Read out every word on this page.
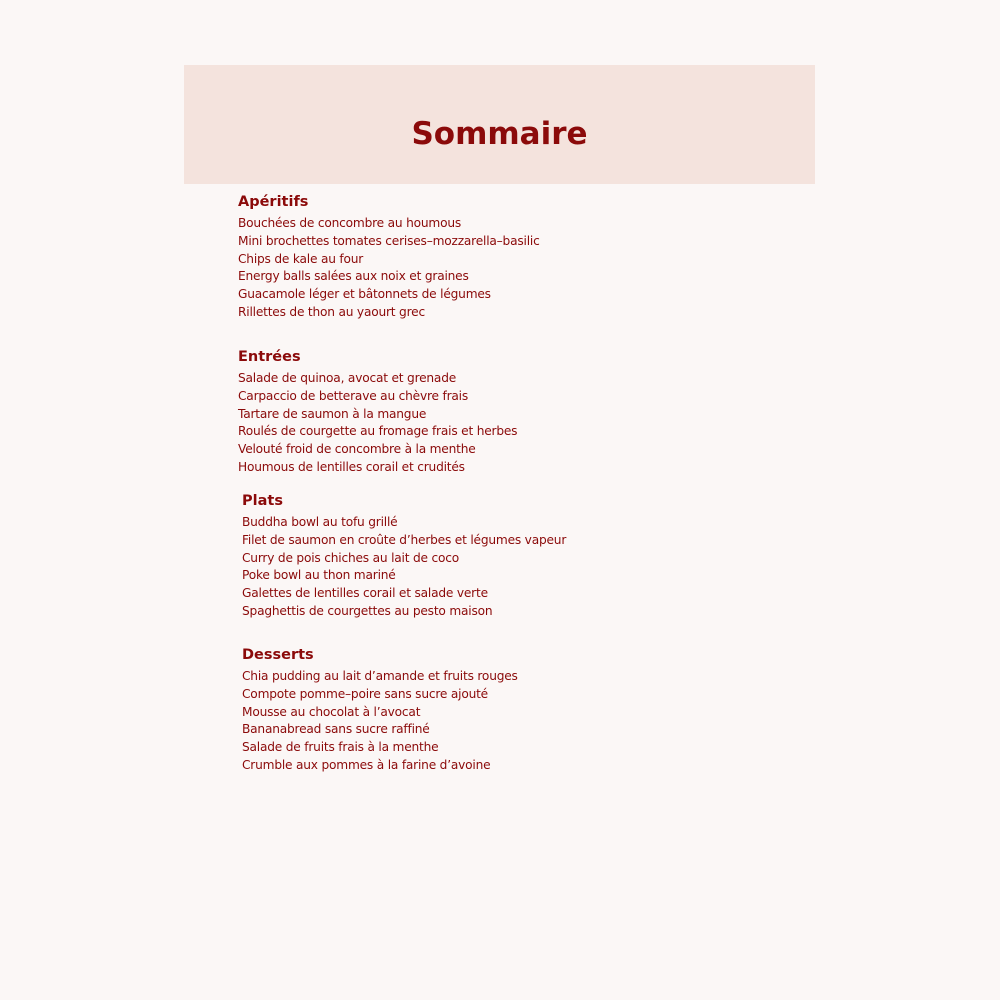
Sommaire
Apéritifs
Bouchées de concombre au houmous
Mini brochettes tomates cerises–mozzarella–basilic
Chips de kale au four
Energy balls salées aux noix et graines
Guacamole léger et bâtonnets de légumes
Rillettes de thon au yaourt grec
Entrées
Salade de quinoa, avocat et grenade
Carpaccio de betterave au chèvre frais
Tartare de saumon à la mangue
Roulés de courgette au fromage frais et herbes
Velouté froid de concombre à la menthe
Houmous de lentilles corail et crudités
Plats
Buddha bowl au tofu grillé
Filet de saumon en croûte d’herbes et légumes vapeur
Curry de pois chiches au lait de coco
Poke bowl au thon mariné
Galettes de lentilles corail et salade verte
Spaghettis de courgettes au pesto maison
Desserts
Chia pudding au lait d’amande et fruits rouges
Compote pomme–poire sans sucre ajouté
Mousse au chocolat à l’avocat
Bananabread sans sucre raffiné
Salade de fruits frais à la menthe
Crumble aux pommes à la farine d’avoine
